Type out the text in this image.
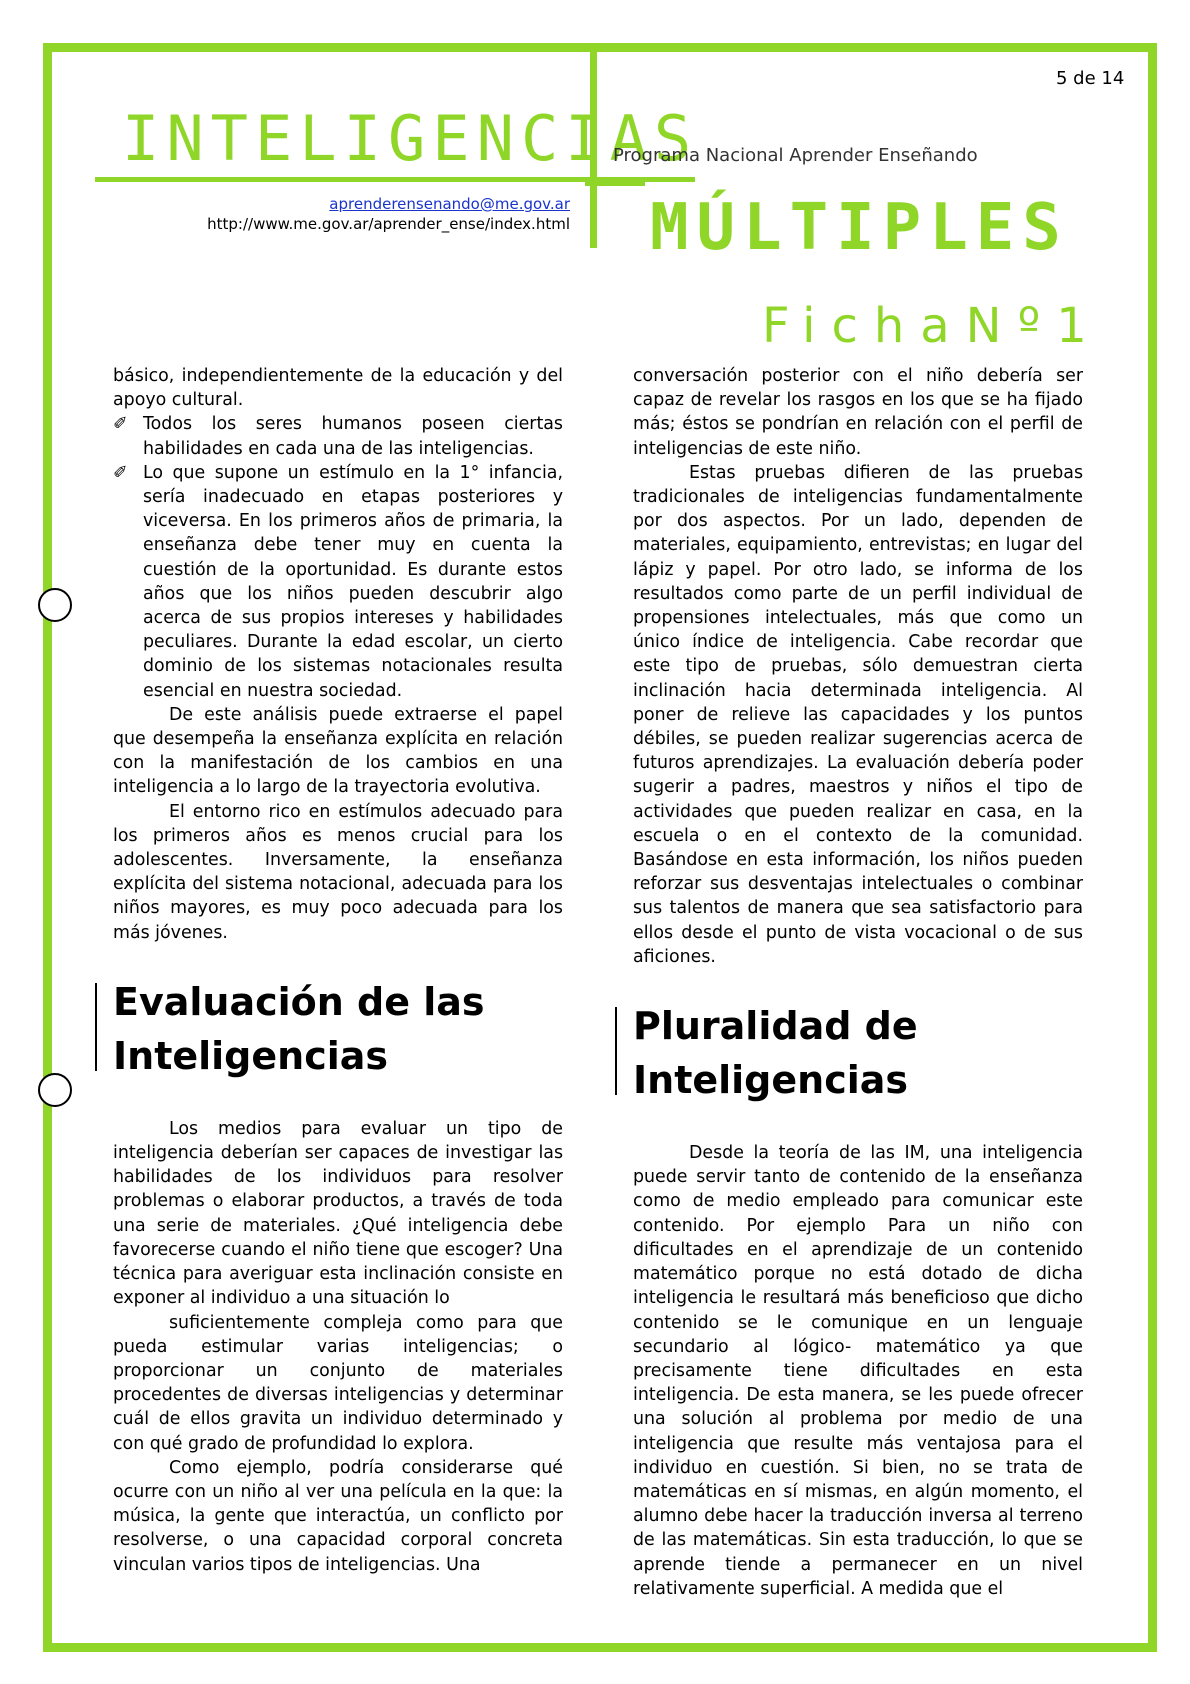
5 de 14
INTELIGENCIAS
Programa Nacional Aprender Enseñando
aprenderensenando@me.gov.ar
http://www.me.gov.ar/aprender_ense/index.html MÚLTIPLES
FichaNº1

básico, independientemente de la educación y del apoyo cultural.

✐ Todos los seres humanos poseen ciertas habilidades en cada una de las inteligencias.

✐ Lo que supone un estímulo en la 1° infancia, sería inadecuado en etapas posteriores y viceversa. En los primeros años de primaria, la enseñanza debe tener muy en cuenta la cuestión de la oportunidad. Es durante estos años que los niños pueden descubrir algo acerca de sus propios intereses y habilidades peculiares. Durante la edad escolar, un cierto dominio de los sistemas notacionales resulta esencial en nuestra sociedad.

De este análisis puede extraerse el papel que desempeña la enseñanza explícita en relación con la manifestación de los cambios en una inteligencia a lo largo de la trayectoria evolutiva.

El entorno rico en estímulos adecuado para los primeros años es menos crucial para los adolescentes. Inversamente, la enseñanza explícita del sistema notacional, adecuada para los niños mayores, es muy poco adecuada para los más jóvenes.

Evaluación de las Inteligencias

Los medios para evaluar un tipo de inteligencia deberían ser capaces de investigar las habilidades de los individuos para resolver problemas o elaborar productos, a través de toda una serie de materiales. ¿Qué inteligencia debe favorecerse cuando el niño tiene que escoger? Una técnica para averiguar esta inclinación consiste en exponer al individuo a una situación lo

suficientemente compleja como para que pueda estimular varias inteligencias; o proporcionar un conjunto de materiales procedentes de diversas inteligencias y determinar cuál de ellos gravita un individuo determinado y con qué grado de profundidad lo explora.

Como ejemplo, podría considerarse qué ocurre con un niño al ver una película en la que: la música, la gente que interactúa, un conflicto por resolverse, o una capacidad corporal concreta vinculan varios tipos de inteligencias. Una

conversación posterior con el niño debería ser capaz de revelar los rasgos en los que se ha fijado más; éstos se pondrían en relación con el perfil de inteligencias de este niño.

Estas pruebas difieren de las pruebas tradicionales de inteligencias fundamentalmente por dos aspectos. Por un lado, dependen de materiales, equipamiento, entrevistas; en lugar del lápiz y papel. Por otro lado, se informa de los resultados como parte de un perfil individual de propensiones intelectuales, más que como un único índice de inteligencia. Cabe recordar que este tipo de pruebas, sólo demuestran cierta inclinación hacia determinada inteligencia. Al poner de relieve las capacidades y los puntos débiles, se pueden realizar sugerencias acerca de futuros aprendizajes. La evaluación debería poder sugerir a padres, maestros y niños el tipo de actividades que pueden realizar en casa, en la escuela o en el contexto de la comunidad. Basándose en esta información, los niños pueden reforzar sus desventajas intelectuales o combinar sus talentos de manera que sea satisfactorio para ellos desde el punto de vista vocacional o de sus aficiones.

Pluralidad de Inteligencias

Desde la teoría de las IM, una inteligencia puede servir tanto de contenido de la enseñanza como de medio empleado para comunicar este contenido. Por ejemplo Para un niño con dificultades en el aprendizaje de un contenido matemático porque no está dotado de dicha inteligencia le resultará más beneficioso que dicho contenido se le comunique en un lenguaje secundario al lógico- matemático ya que precisamente tiene dificultades en esta inteligencia. De esta manera, se les puede ofrecer una solución al problema por medio de una inteligencia que resulte más ventajosa para el individuo en cuestión. Si bien, no se trata de matemáticas en sí mismas, en algún momento, el alumno debe hacer la traducción inversa al terreno de las matemáticas. Sin esta traducción, lo que se aprende tiende a permanecer en un nivel relativamente superficial. A medida que el
